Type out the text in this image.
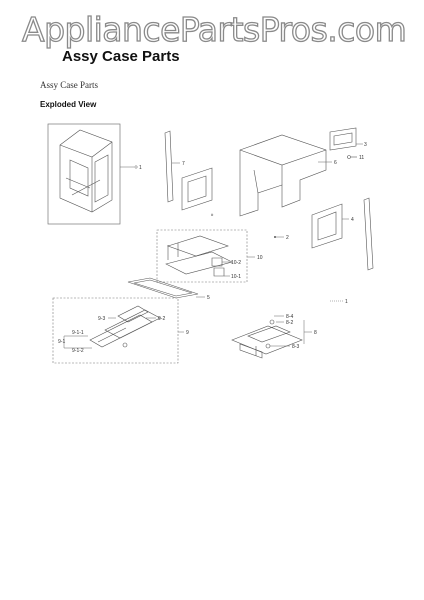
AppliancePartsPros.com
Assy Case Parts
Assy Case Parts
Exploded View
1
7
#
6
3
11
4
2
10
10-2
10-1
5
9
9-2
9-3
9-1
9-1-1
9-1-2
1
8-4
8-2
8
8-3
